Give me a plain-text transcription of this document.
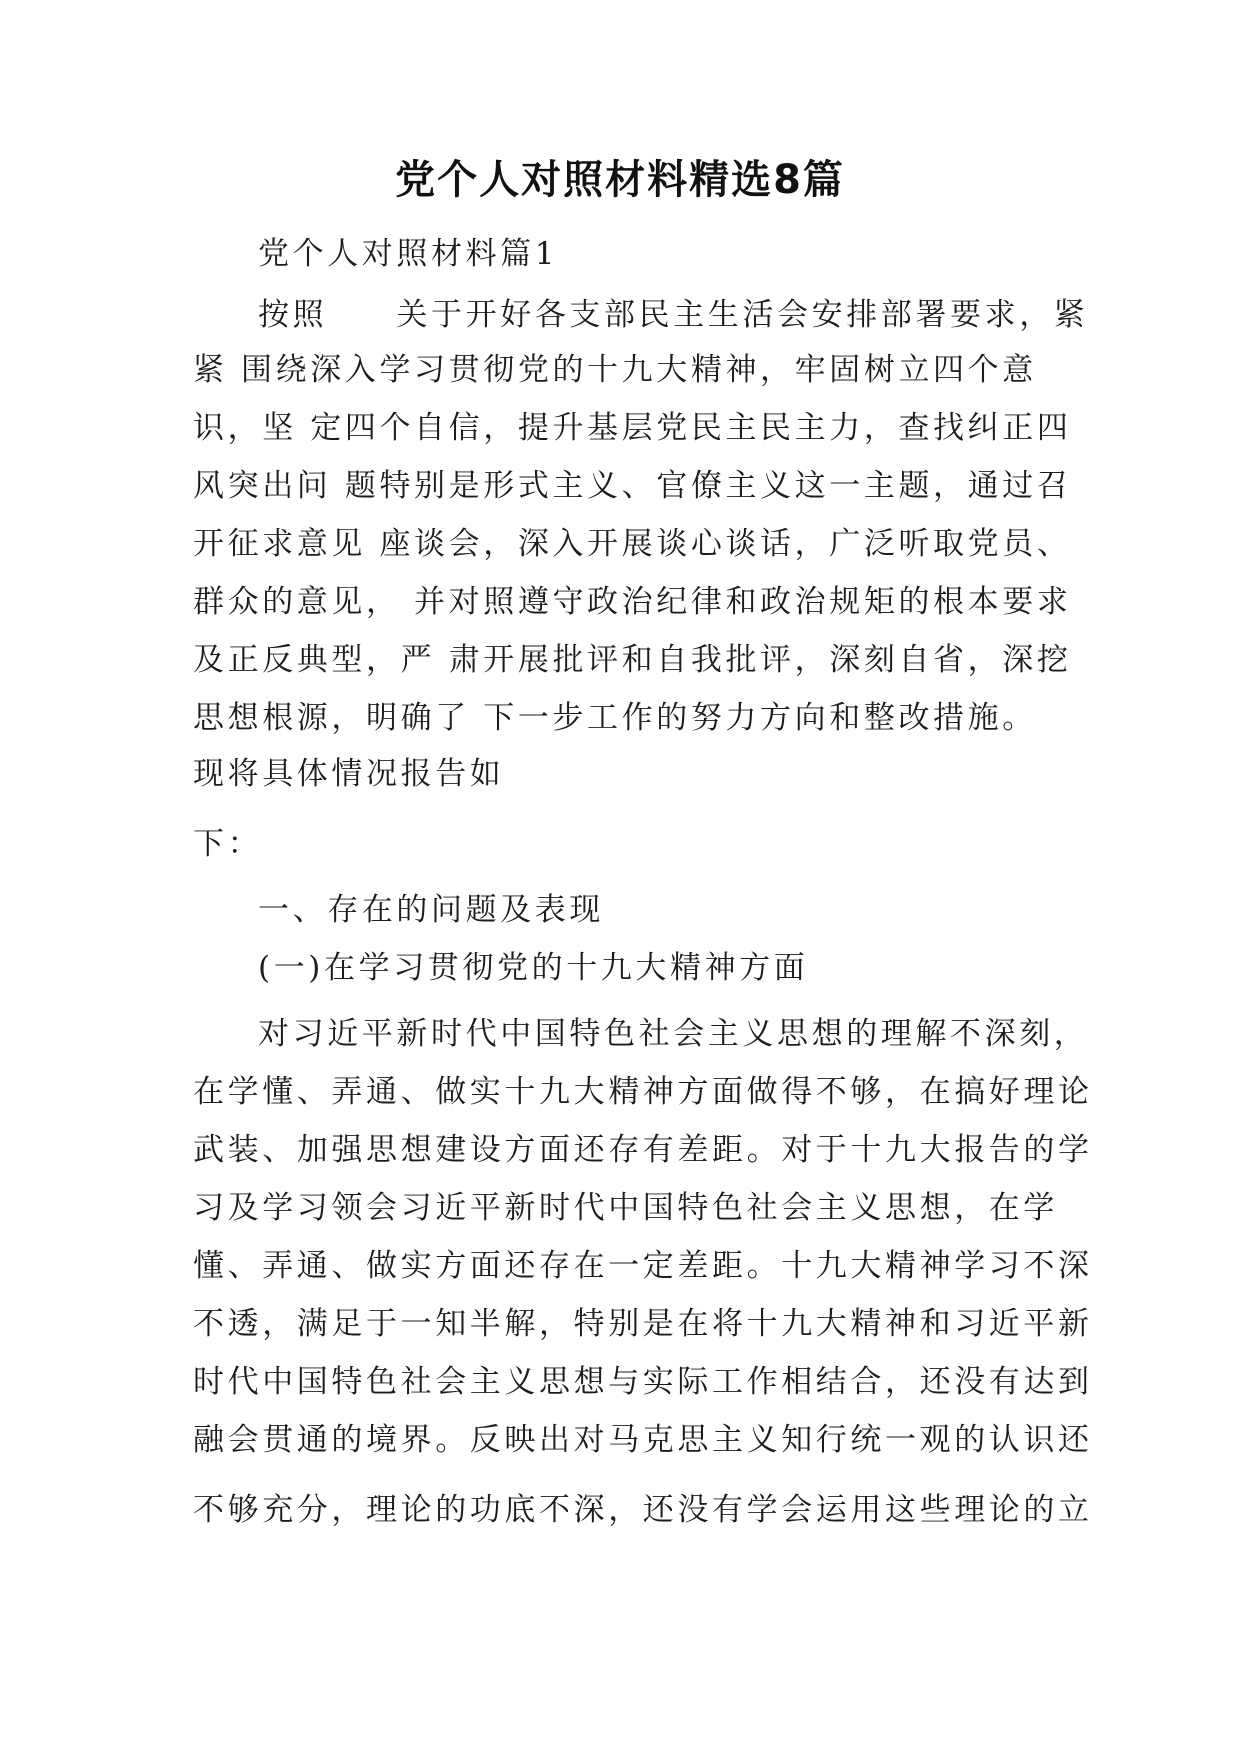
党个人对照材料精选8篇
党个人对照材料篇1
按照　　关于开好各支部民主生活会安排部署要求，紧
紧 围绕深入学习贯彻党的十九大精神，牢固树立四个意
识，坚 定四个自信，提升基层党民主民主力，查找纠正四
风突出问 题特别是形式主义、官僚主义这一主题，通过召
开征求意见 座谈会，深入开展谈心谈话，广泛听取党员、
群众的意见， 并对照遵守政治纪律和政治规矩的根本要求
及正反典型，严 肃开展批评和自我批评，深刻自省，深挖
思想根源，明确了 下一步工作的努力方向和整改措施。
现将具体情况报告如
下：
一、存在的问题及表现
(一)在学习贯彻党的十九大精神方面
对习近平新时代中国特色社会主义思想的理解不深刻，
在学懂、弄通、做实十九大精神方面做得不够，在搞好理论
武装、加强思想建设方面还存有差距。对于十九大报告的学
习及学习领会习近平新时代中国特色社会主义思想，在学
懂、弄通、做实方面还存在一定差距。十九大精神学习不深
不透，满足于一知半解，特别是在将十九大精神和习近平新
时代中国特色社会主义思想与实际工作相结合，还没有达到
融会贯通的境界。反映出对马克思主义知行统一观的认识还
不够充分，理论的功底不深，还没有学会运用这些理论的立
